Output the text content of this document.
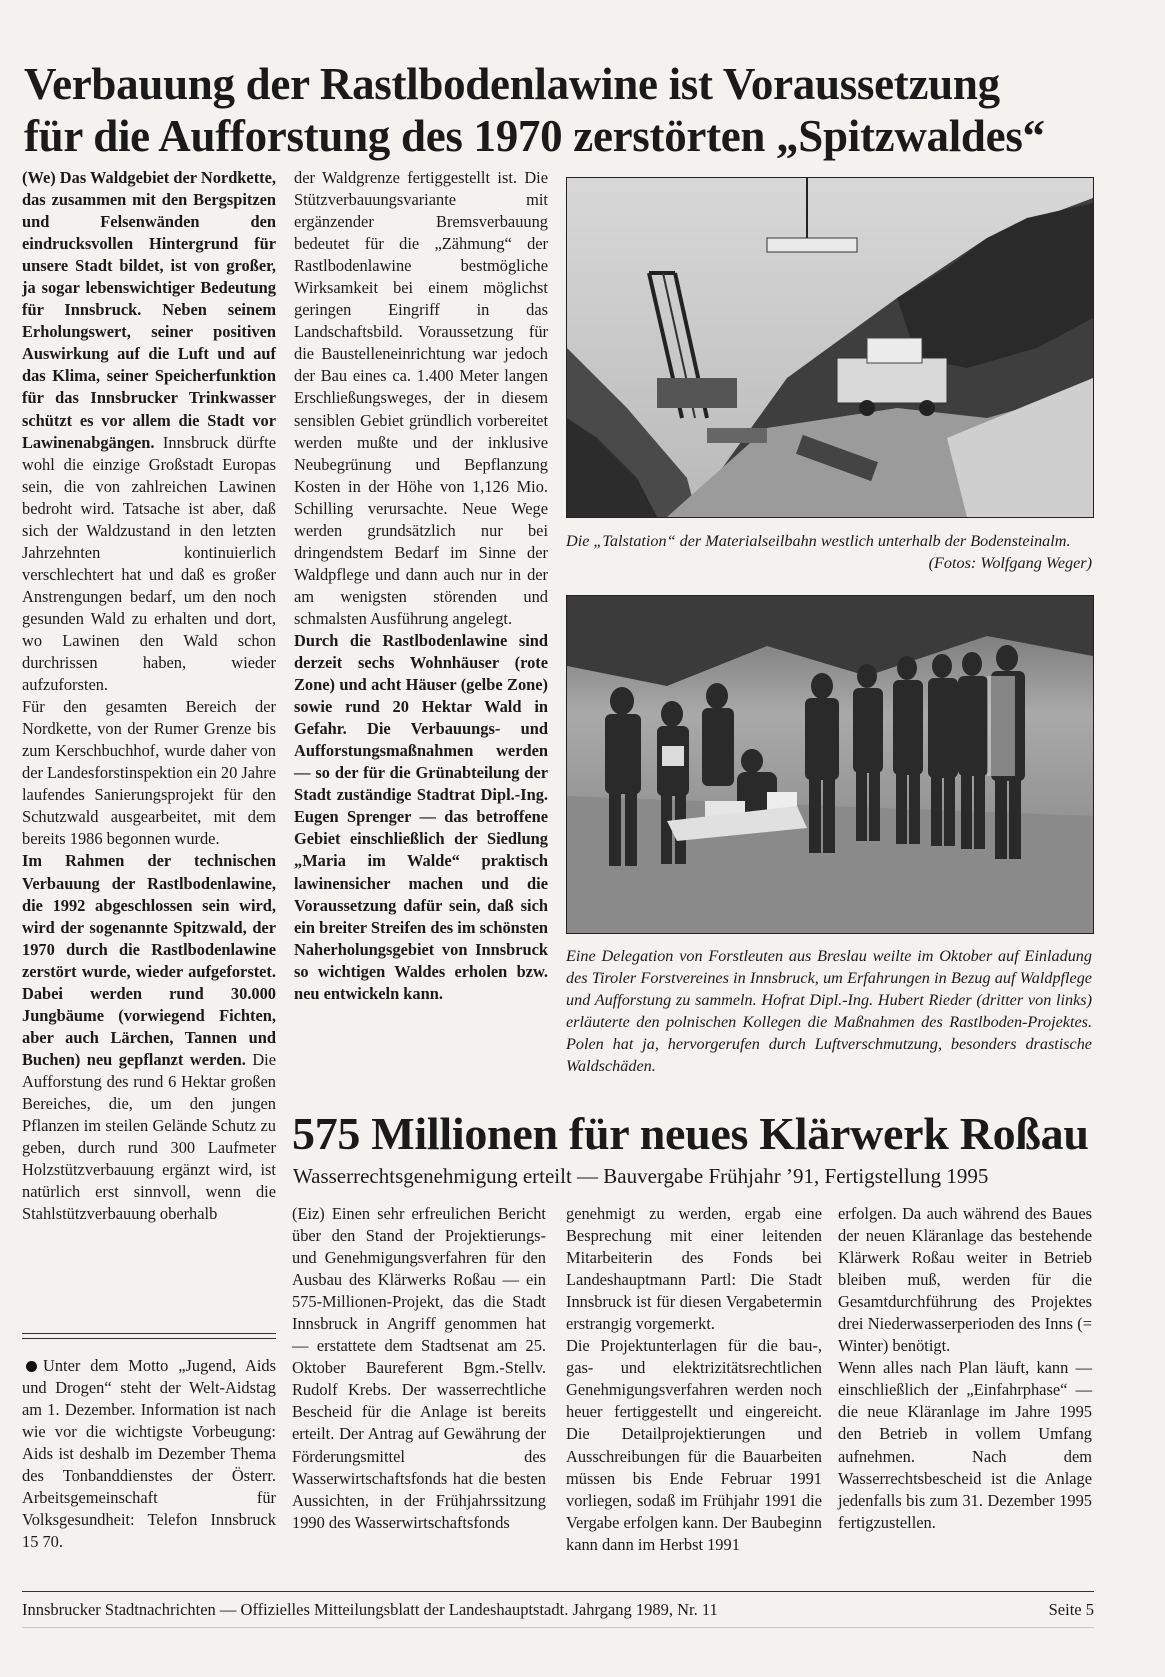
Verbauung der Rastlbodenlawine ist Voraussetzung
für die Aufforstung des 1970 zerstörten „Spitzwaldes“

(We) Das Waldgebiet der Nordkette, das zusammen mit den Bergspitzen und Felsenwänden den eindrucksvollen Hintergrund für unsere Stadt bildet, ist von großer, ja sogar lebenswichtiger Bedeutung für Innsbruck. Neben seinem Erholungswert, seiner positiven Auswirkung auf die Luft und auf das Klima, seiner Speicherfunktion für das Innsbrucker Trinkwasser schützt es vor allem die Stadt vor Lawinenabgängen. Innsbruck dürfte wohl die einzige Großstadt Europas sein, die von zahlreichen Lawinen bedroht wird. Tatsache ist aber, daß sich der Waldzustand in den letzten Jahrzehnten kontinuierlich verschlechtert hat und daß es großer Anstrengungen bedarf, um den noch gesunden Wald zu erhalten und dort, wo Lawinen den Wald schon durchrissen haben, wieder aufzuforsten.

Für den gesamten Bereich der Nordkette, von der Rumer Grenze bis zum Kerschbuchhof, wurde daher von der Landesforstinspektion ein 20 Jahre laufendes Sanierungsprojekt für den Schutzwald ausgearbeitet, mit dem bereits 1986 begonnen wurde.

Im Rahmen der technischen Verbauung der Rastlbodenlawine, die 1992 abgeschlossen sein wird, wird der sogenannte Spitzwald, der 1970 durch die Rastlbodenlawine zerstört wurde, wieder aufgeforstet. Dabei werden rund 30.000 Jungbäume (vorwiegend Fichten, aber auch Lärchen, Tannen und Buchen) neu gepflanzt werden. Die Aufforstung des rund 6 Hektar großen Bereiches, die, um den jungen Pflanzen im steilen Gelände Schutz zu geben, durch rund 300 Laufmeter Holzstützverbauung ergänzt wird, ist natürlich erst sinnvoll, wenn die Stahlstützverbauung oberhalb

der Waldgrenze fertiggestellt ist. Die Stützverbauungsvariante mit ergänzender Bremsverbauung bedeutet für die „Zähmung“ der Rastlbodenlawine bestmögliche Wirksamkeit bei einem möglichst geringen Eingriff in das Landschaftsbild. Voraussetzung für die Baustelleneinrichtung war jedoch der Bau eines ca. 1.400 Meter langen Erschließungsweges, der in diesem sensiblen Gebiet gründlich vorbereitet werden mußte und der inklusive Neubegrünung und Bepflanzung Kosten in der Höhe von 1,126 Mio. Schilling verursachte. Neue Wege werden grundsätzlich nur bei dringendstem Bedarf im Sinne der Waldpflege und dann auch nur in der am wenigsten störenden und schmalsten Ausführung angelegt.

Durch die Rastlbodenlawine sind derzeit sechs Wohnhäuser (rote Zone) und acht Häuser (gelbe Zone) sowie rund 20 Hektar Wald in Gefahr. Die Verbauungs- und Aufforstungsmaßnahmen werden — so der für die Grünabteilung der Stadt zuständige Stadtrat Dipl.-Ing. Eugen Sprenger — das betroffene Gebiet einschließlich der Siedlung „Maria im Walde“ praktisch lawinensicher machen und die Voraussetzung dafür sein, daß sich ein breiter Streifen des im schönsten Naherholungsgebiet von Innsbruck so wichtigen Waldes erholen bzw. neu entwickeln kann.

Die „Talstation“ der Materialseilbahn westlich unterhalb der Bodensteinalm.
(Fotos: Wolfgang Weger)
Eine Delegation von Forstleuten aus Breslau weilte im Oktober auf Einladung des Tiroler Forstvereines in Innsbruck, um Erfahrungen in Bezug auf Waldpflege und Aufforstung zu sammeln. Hofrat Dipl.-Ing. Hubert Rieder (dritter von links) erläuterte den polnischen Kollegen die Maßnahmen des Rastlboden-Projektes. Polen hat ja, hervorgerufen durch Luftverschmutzung, besonders drastische Waldschäden.

Unter dem Motto „Jugend, Aids und Drogen“ steht der Welt-Aidstag am 1. Dezember. Information ist nach wie vor die wichtigste Vorbeugung: Aids ist deshalb im Dezember Thema des Tonbanddienstes der Österr. Arbeitsgemeinschaft für Volksgesundheit: Telefon Innsbruck 15 70.

575 Millionen für neues Klärwerk Roßau
Wasserrechtsgenehmigung erteilt — Bauvergabe Frühjahr ’91, Fertigstellung 1995

(Eiz) Einen sehr erfreulichen Bericht über den Stand der Projektierungs- und Genehmigungsverfahren für den Ausbau des Klärwerks Roßau — ein 575-Millionen-Projekt, das die Stadt Innsbruck in Angriff genommen hat — erstattete dem Stadtsenat am 25. Oktober Baureferent Bgm.-Stellv. Rudolf Krebs. Der wasserrechtliche Bescheid für die Anlage ist bereits erteilt. Der Antrag auf Gewährung der Förderungsmittel des Wasserwirtschaftsfonds hat die besten Aussichten, in der Frühjahrssitzung 1990 des Wasserwirtschaftsfonds

genehmigt zu werden, ergab eine Besprechung mit einer leitenden Mitarbeiterin des Fonds bei Landeshauptmann Partl: Die Stadt Innsbruck ist für diesen Vergabetermin erstrangig vorgemerkt.

Die Projektunterlagen für die bau-, gas- und elektrizitätsrechtlichen Genehmigungsverfahren werden noch heuer fertiggestellt und eingereicht. Die Detailprojektierungen und Ausschreibungen für die Bauarbeiten müssen bis Ende Februar 1991 vorliegen, sodaß im Frühjahr 1991 die Vergabe erfolgen kann. Der Baubeginn kann dann im Herbst 1991

erfolgen. Da auch während des Baues der neuen Kläranlage das bestehende Klärwerk Roßau weiter in Betrieb bleiben muß, werden für die Gesamtdurchführung des Projektes drei Niederwasserperioden des Inns (= Winter) benötigt.

Wenn alles nach Plan läuft, kann — einschließlich der „Einfahrphase“ — die neue Kläranlage im Jahre 1995 den Betrieb in vollem Umfang aufnehmen. Nach dem Wasserrechtsbescheid ist die Anlage jedenfalls bis zum 31. Dezember 1995 fertigzustellen.

Innsbrucker Stadtnachrichten — Offizielles Mitteilungsblatt der Landeshauptstadt. Jahrgang 1989, Nr. 11	Seite 5
